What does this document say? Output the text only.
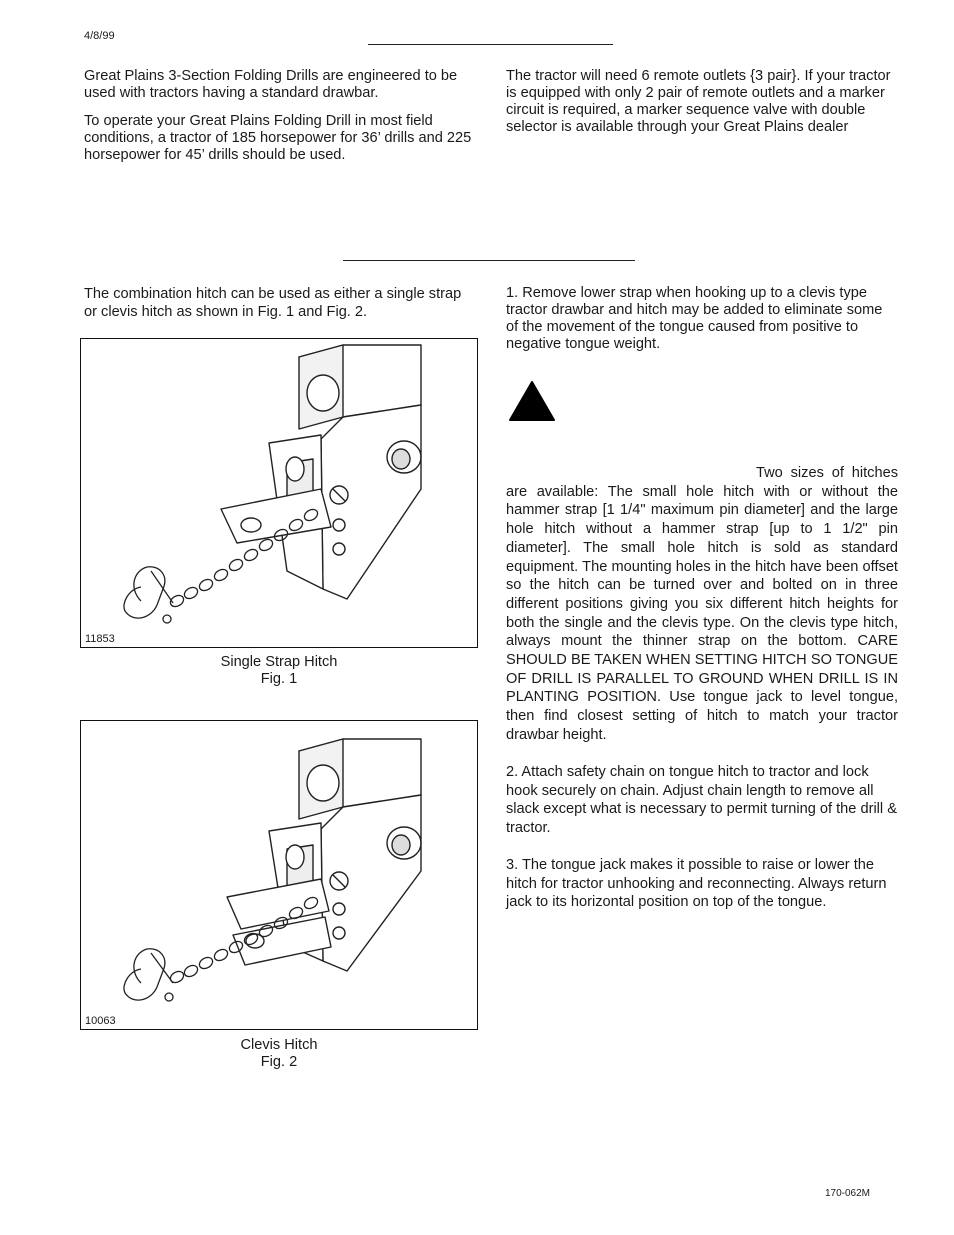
4/8/99

Great Plains 3-Section Folding Drills are engineered to be used with tractors having a standard drawbar.

To operate your Great Plains Folding Drill in most field conditions, a tractor of 185 horsepower for 36’ drills and 225 horsepower for 45’ drills should be used.

The tractor will need 6 remote outlets {3 pair}. If your tractor is equipped with only 2 pair of remote outlets and a marker circuit is required, a marker sequence valve with double selector is available through your Great Plains dealer

The combination hitch can be used as either a single strap or clevis hitch as shown in Fig. 1 and Fig. 2.

11853
Single Strap Hitch
Fig. 1
10063
Clevis Hitch
Fig. 2

1. Remove lower strap when hooking up to a clevis type tractor drawbar and hitch may be added to eliminate some of the movement of the tongue caused from positive to negative tongue weight.

Two sizes of hitches are available: The small hole hitch with or without the hammer strap [1 1/4" maximum pin diameter] and the large hole hitch without a hammer strap [up to 1 1/2" pin diameter]. The small hole hitch is sold as standard equipment. The mounting holes in the hitch have been offset so the hitch can be turned over and bolted on in three different positions giving you six different hitch heights for both the single and the clevis type. On the clevis type hitch, always mount the thinner strap on the bottom. CARE SHOULD BE TAKEN WHEN SETTING HITCH SO TONGUE OF DRILL IS PARALLEL TO GROUND WHEN DRILL IS IN PLANTING POSITION. Use tongue jack to level tongue, then find closest setting of hitch to match your tractor drawbar height.

2. Attach safety chain on tongue hitch to tractor and lock hook securely on chain. Adjust chain length to remove all slack except what is necessary to permit turning of the drill & tractor.

3. The tongue jack makes it possible to raise or lower the hitch for tractor unhooking and reconnecting. Always return jack to its horizontal position on top of the tongue.

170-062M
